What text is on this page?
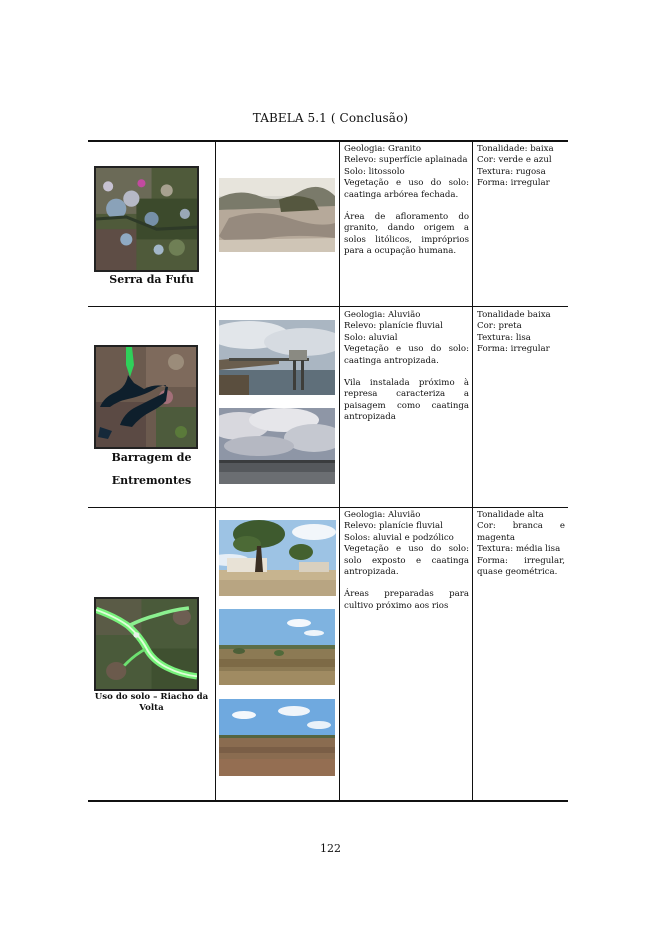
TABELA 5.1 ( Conclusão)
Serra da Fufu
Geologia: Granito
Relevo: superfície aplainada
Solo: litossolo
Vegetação e uso do solo: caatinga arbórea fechada.
Área de afloramento do granito, dando origem a solos litólicos, impróprios para a ocupação humana.
Tonalidade: baixa
Cor: verde e azul
Textura: rugosa
Forma: irregular
Barragem de
Entremontes
Geologia: Aluvião
Relevo: planície fluvial
Solo: aluvial
Vegetação e uso do solo: caatinga antropizada.
Vila instalada próximo à represa caracteriza a paisagem como caatinga antropizada
Tonalidade baixa
Cor: preta
Textura: lisa
Forma: irregular
Uso do solo – Riacho da
Volta
Geologia: Aluvião
Relevo: planície fluvial
Solos: aluvial e podzólico
Vegetação e uso do solo: solo exposto e caatinga antropizada.
Áreas preparadas para cultivo próximo aos rios
Tonalidade alta
Cor: branca e magenta
Textura: média lisa
Forma: irregular, quase geométrica.
122
